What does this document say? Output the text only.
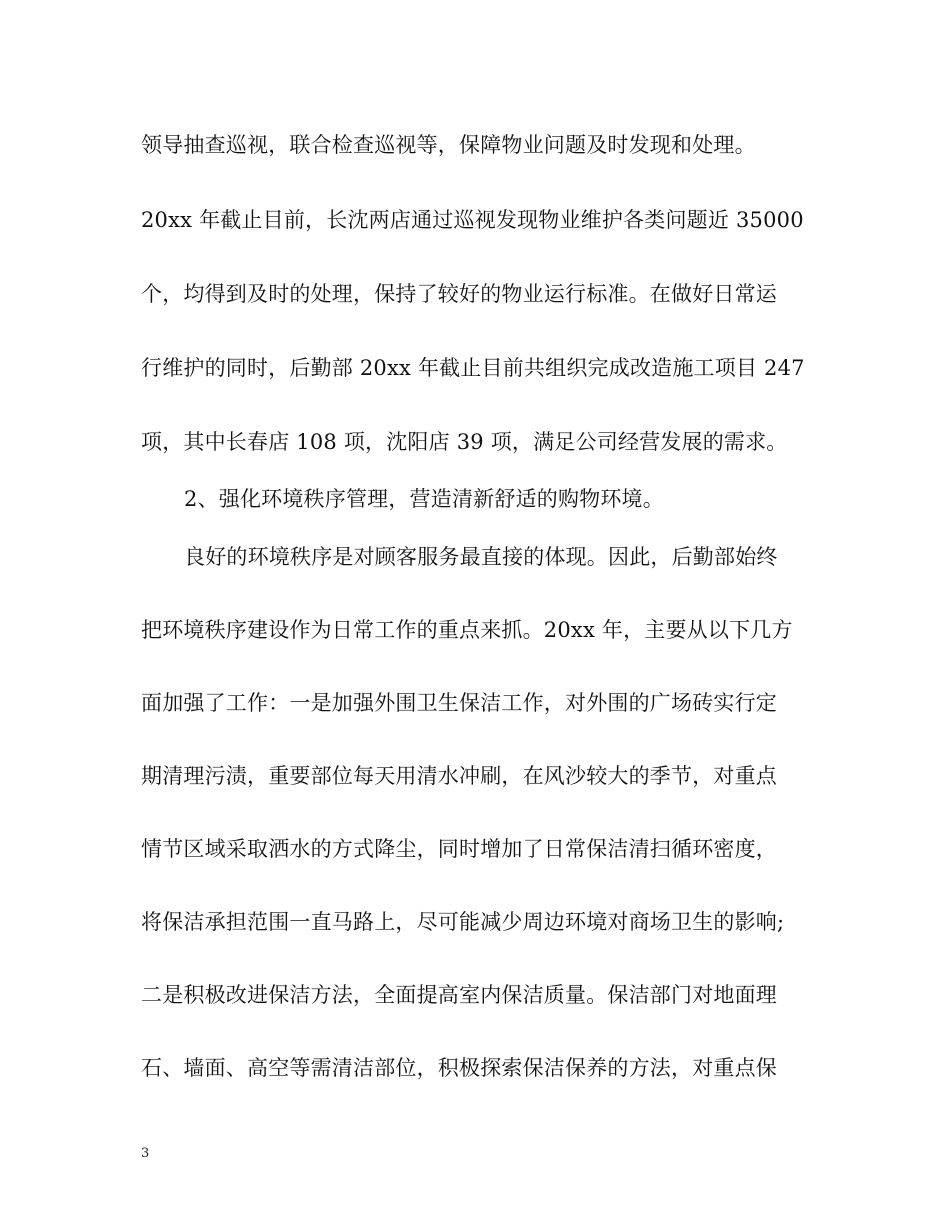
领导抽查巡视，联合检查巡视等，保障物业问题及时发现和处理。
20xx 年截止目前，长沈两店通过巡视发现物业维护各类问题近 35000
个，均得到及时的处理，保持了较好的物业运行标准。在做好日常运
行维护的同时，后勤部 20xx 年截止目前共组织完成改造施工项目 247
项，其中长春店 108 项，沈阳店 39 项，满足公司经营发展的需求。
2、强化环境秩序管理，营造清新舒适的购物环境。
良好的环境秩序是对顾客服务最直接的体现。因此，后勤部始终
把环境秩序建设作为日常工作的重点来抓。20xx 年，主要从以下几方
面加强了工作：一是加强外围卫生保洁工作，对外围的广场砖实行定
期清理污渍，重要部位每天用清水冲刷，在风沙较大的季节，对重点
情节区域采取洒水的方式降尘，同时增加了日常保洁清扫循环密度，
将保洁承担范围一直马路上，尽可能减少周边环境对商场卫生的影响;
二是积极改进保洁方法，全面提高室内保洁质量。保洁部门对地面理
石、墙面、高空等需清洁部位，积极探索保洁保养的方法，对重点保
3
